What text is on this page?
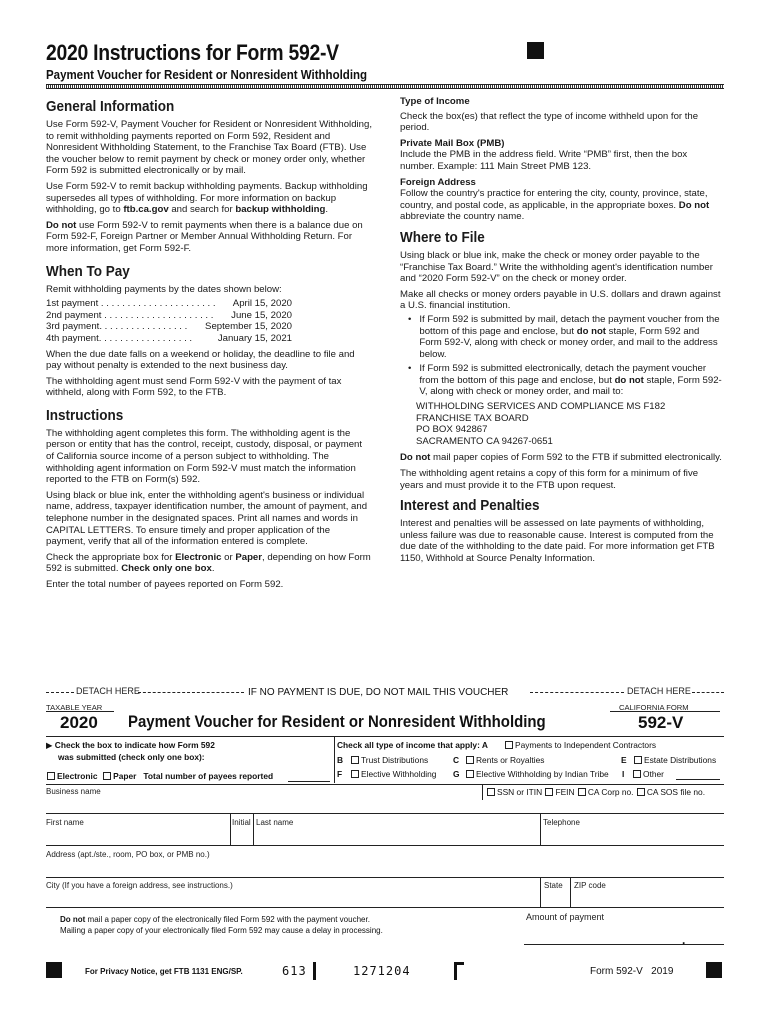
2020 Instructions for Form 592-V
Payment Voucher for Resident or Nonresident Withholding
General Information

Use Form 592-V, Payment Voucher for Resident or Nonresident Withholding, to remit withholding payments reported on Form 592, Resident and Nonresident Withholding Statement, to the Franchise Tax Board (FTB). Use the voucher below to remit payment by check or money order only, whether Form 592 is submitted electronically or by mail.

Use Form 592-V to remit backup withholding payments. Backup withholding supersedes all types of withholding. For more information on backup withholding, go to ftb.ca.gov and search for backup withholding.

Do not use Form 592-V to remit payments when there is a balance due on Form 592-F, Foreign Partner or Member Annual Withholding Return. For more information, get Form 592-F.

When To Pay

Remit withholding payments by the dates shown below:

1st payment . . . . . . . . . . . . . . . . . . . . . . April 15, 2020
2nd payment . . . . . . . . . . . . . . . . . . . . . June 15, 2020
3rd payment. . . . . . . . . . . . . . . . . September 15, 2020
4th payment. . . . . . . . . . . . . . . . . .	January 15, 2021

When the due date falls on a weekend or holiday, the deadline to file and pay without penalty is extended to the next business day.

The withholding agent must send Form 592-V with the payment of tax withheld, along with Form 592, to the FTB.

Instructions

The withholding agent completes this form. The withholding agent is the person or entity that has the control, receipt, custody, disposal, or payment of California source income of a person subject to withholding. The withholding agent information on Form 592-V must match the information reported to the FTB on Form(s) 592.

Using black or blue ink, enter the withholding agent's business or individual name, address, taxpayer identification number, the amount of payment, and telephone number in the designated spaces. Print all names and words in CAPITAL LETTERS. To ensure timely and proper application of the payment, verify that all of the information entered is complete.

Check the appropriate box for Electronic or Paper, depending on how Form 592 is submitted. Check only one box.

Enter the total number of payees reported on Form 592.

Type of Income

Check the box(es) that reflect the type of income withheld upon for the period.

Private Mail Box (PMB)

Include the PMB in the address field. Write “PMB” first, then the box number. Example: 111 Main Street PMB 123.

Foreign Address

Follow the country's practice for entering the city, county, province, state, country, and postal code, as applicable, in the appropriate boxes. Do not abbreviate the country name.

Where to File

Using black or blue ink, make the check or money order payable to the “Franchise Tax Board.” Write the withholding agent's identification number and “2020 Form 592-V” on the check or money order.

Make all checks or money orders payable in U.S. dollars and drawn against a U.S. financial institution.

• If Form 592 is submitted by mail, detach the payment voucher from the bottom of this page and enclose, but do not staple, Form 592 and Form 592-V, along with check or money order, and mail to the address below.
• If Form 592 is submitted electronically, detach the payment voucher from the bottom of this page and enclose, but do not staple, Form 592-V, along with check or money order, and mail to:
WITHHOLDING SERVICES AND COMPLIANCE MS F182
FRANCHISE TAX BOARD
PO BOX 942867
SACRAMENTO CA 94267-0651

Do not mail paper copies of Form 592 to the FTB if submitted electronically.

The withholding agent retains a copy of this form for a minimum of five years and must provide it to the FTB upon request.

Interest and Penalties

Interest and penalties will be assessed on late payments of withholding, unless failure was due to reasonable cause. Interest is computed from the due date of the withholding to the date paid. For more information get FTB 1150, Withhold at Source Penalty Information.

DETACH HERE	IF NO PAYMENT IS DUE, DO NOT MAIL THIS VOUCHER	DETACH HERE
TAXABLE YEAR	CALIFORNIA FORM
2020 Payment Voucher for Resident or Nonresident Withholding	592-V
▶ Check the box to indicate how Form 592
was submitted (check only one box):
Electronic Paper Total number of payees reported
Check all type of income that apply: A	Payments to Independent Contractors
B	Trust Distributions	C	Rents or Royalties	E	Estate Distributions
F	Elective Withholding G	Elective Withholding by Indian Tribe I	Other
Business name	SSN or ITIN FEIN CA Corp no. CA SOS file no.
First name	Initial Last name	Telephone
Address (apt./ste., room, PO box, or PMB no.)
City (If you have a foreign address, see instructions.)	State ZIP code
Do not mail a paper copy of the electronically filed Form 592 with the payment voucher.
Mailing a paper copy of your electronically filed Form 592 may cause a delay in processing.
Amount of payment
.
For Privacy Notice, get FTB 1131 ENG/SP.	613	1271204	Form 592-V 2019
